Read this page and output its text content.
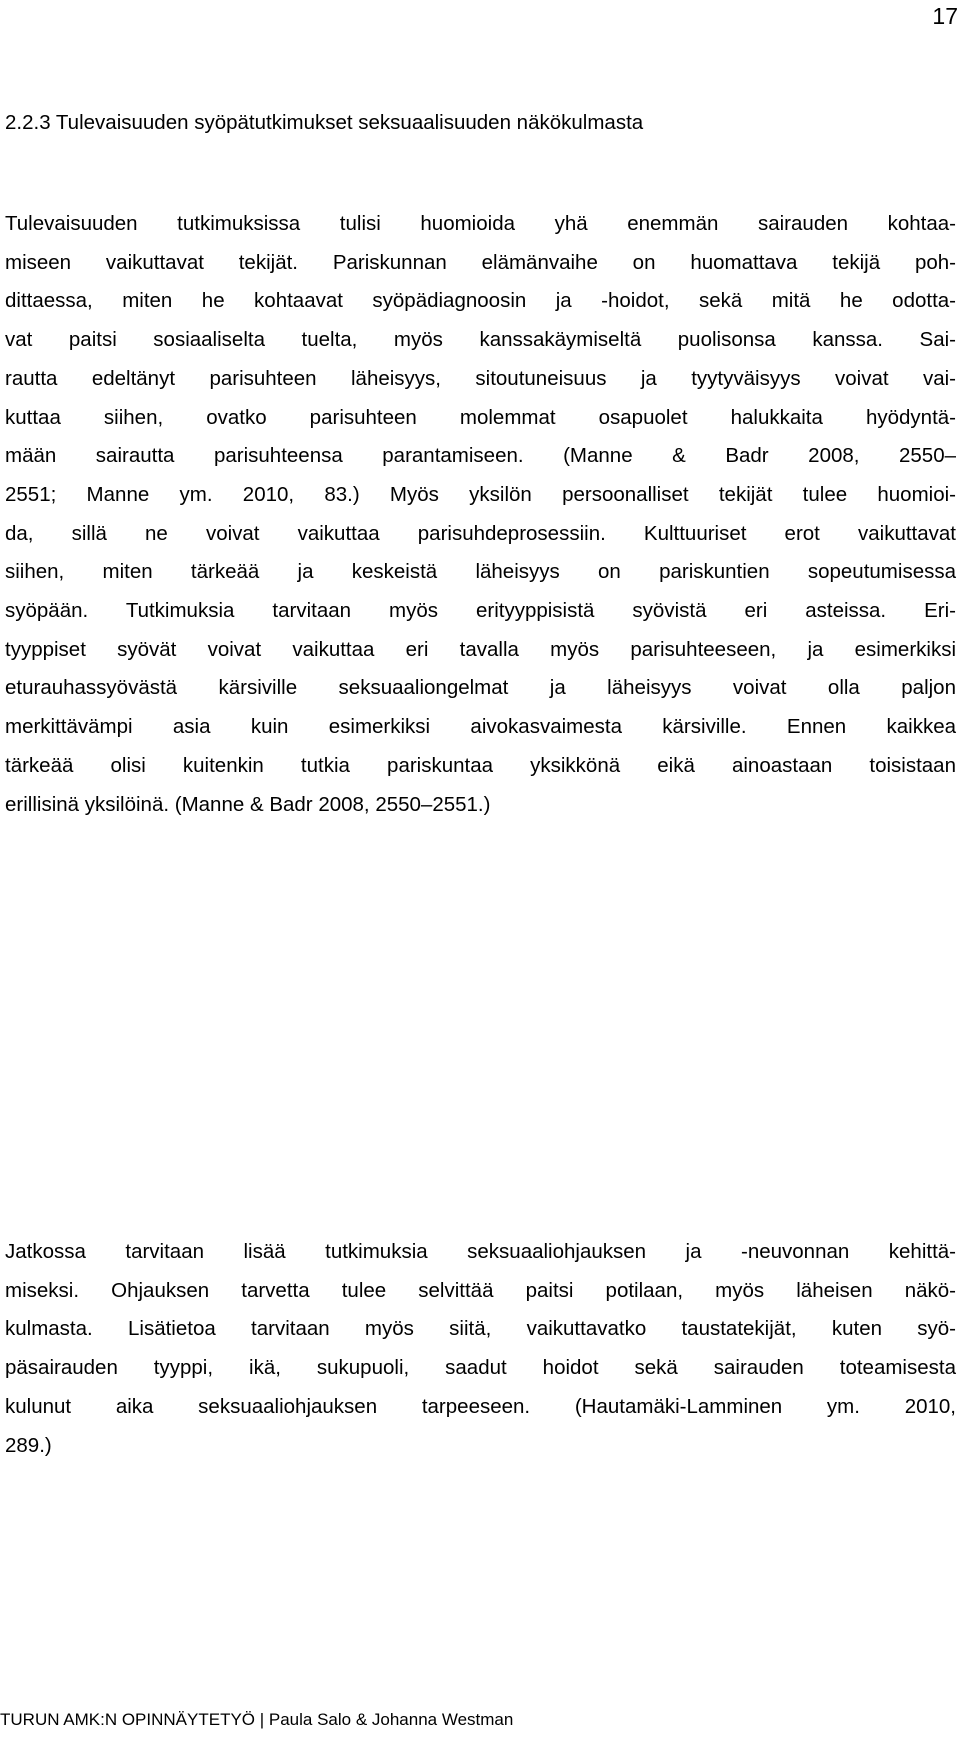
17
2.2.3 Tulevaisuuden syöpätutkimukset seksuaalisuuden näkökulmasta
Tulevaisuuden tutkimuksissa tulisi huomioida yhä enemmän sairauden kohtaa-
miseen vaikuttavat tekijät. Pariskunnan elämänvaihe on huomattava tekijä poh-
dittaessa, miten he kohtaavat syöpädiagnoosin ja -hoidot, sekä mitä he odotta-
vat paitsi sosiaaliselta tuelta, myös kanssakäymiseltä puolisonsa kanssa. Sai-
rautta edeltänyt parisuhteen läheisyys, sitoutuneisuus ja tyytyväisyys voivat vai-
kuttaa siihen, ovatko parisuhteen molemmat osapuolet halukkaita hyödyntä-
mään sairautta parisuhteensa parantamiseen. (Manne & Badr 2008, 2550–
2551; Manne ym. 2010, 83.) Myös yksilön persoonalliset tekijät tulee huomioi-
da, sillä ne voivat vaikuttaa parisuhdeprosessiin. Kulttuuriset erot vaikuttavat
siihen, miten tärkeää ja keskeistä läheisyys on pariskuntien sopeutumisessa
syöpään. Tutkimuksia tarvitaan myös erityyppisistä syövistä eri asteissa. Eri-
tyyppiset syövät voivat vaikuttaa eri tavalla myös parisuhteeseen, ja esimerkiksi
eturauhassyövästä kärsiville seksuaaliongelmat ja läheisyys voivat olla paljon
merkittävämpi asia kuin esimerkiksi aivokasvaimesta kärsiville. Ennen kaikkea
tärkeää olisi kuitenkin tutkia pariskuntaa yksikkönä eikä ainoastaan toisistaan
erillisinä yksilöinä. (Manne & Badr 2008, 2550–2551.)
Jatkossa tarvitaan lisää tutkimuksia seksuaaliohjauksen ja -neuvonnan kehittä-
miseksi. Ohjauksen tarvetta tulee selvittää paitsi potilaan, myös läheisen näkö-
kulmasta. Lisätietoa tarvitaan myös siitä, vaikuttavatko taustatekijät, kuten syö-
päsairauden tyyppi, ikä, sukupuoli, saadut hoidot sekä sairauden toteamisesta
kulunut aika seksuaaliohjauksen tarpeeseen. (Hautamäki-Lamminen ym. 2010,
289.)
TURUN AMK:N OPINNÄYTETYÖ | Paula Salo & Johanna Westman
